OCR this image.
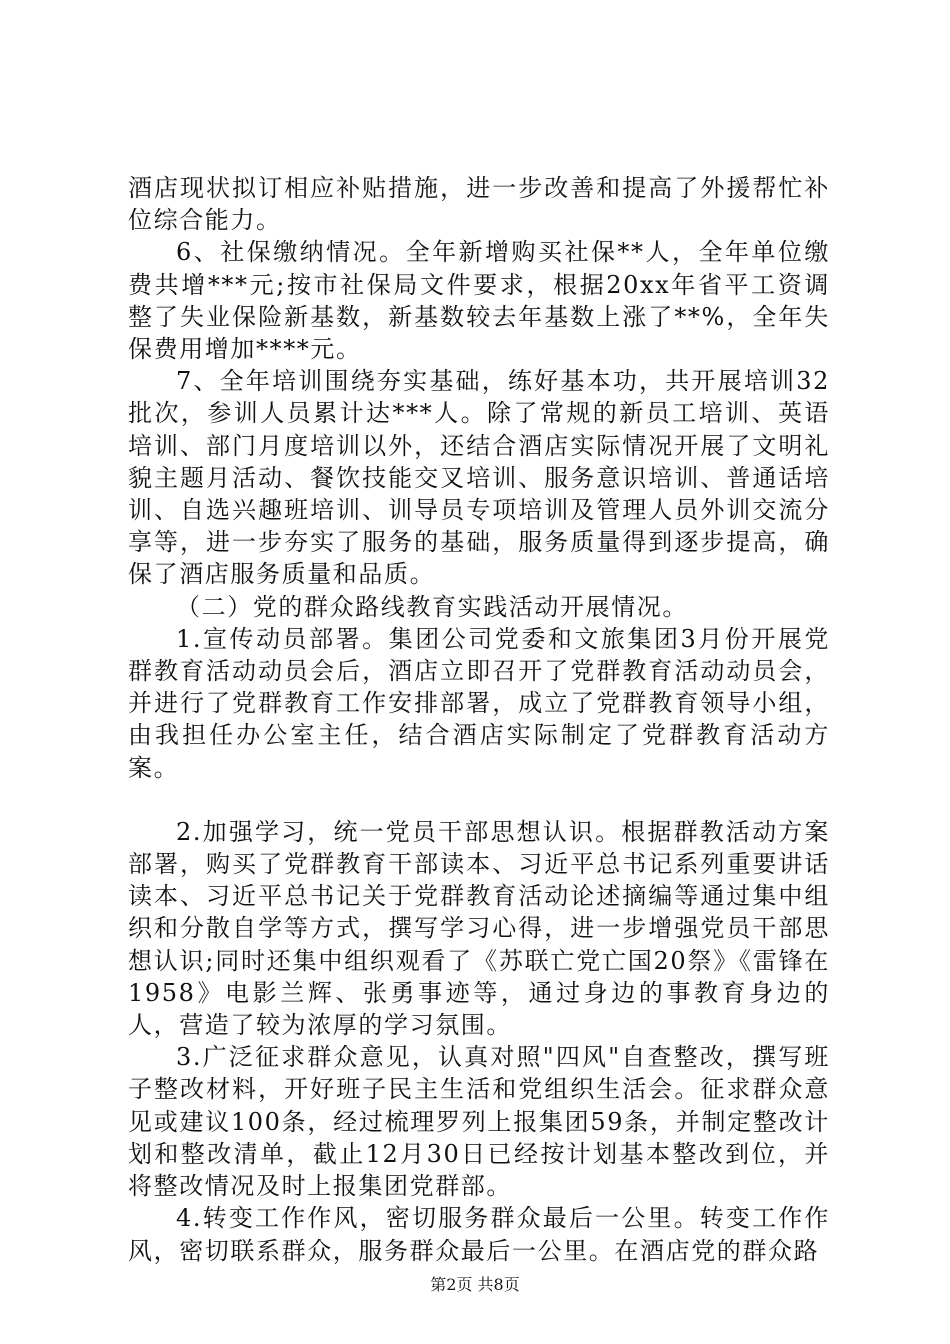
酒店现状拟订相应补贴措施，进一步改善和提高了外援帮忙补位综合能力。

6、社保缴纳情况。全年新增购买社保**人，全年单位缴费共增***元;按市社保局文件要求，根据20xx年省平工资调整了失业保险新基数，新基数较去年基数上涨了**%，全年失保费用增加****元。

7、全年培训围绕夯实基础，练好基本功，共开展培训32批次，参训人员累计达***人。除了常规的新员工培训、英语培训、部门月度培训以外，还结合酒店实际情况开展了文明礼貌主题月活动、餐饮技能交叉培训、服务意识培训、普通话培训、自选兴趣班培训、训导员专项培训及管理人员外训交流分享等，进一步夯实了服务的基础，服务质量得到逐步提高，确保了酒店服务质量和品质。

（二）党的群众路线教育实践活动开展情况。

1.宣传动员部署。集团公司党委和文旅集团3月份开展党群教育活动动员会后，酒店立即召开了党群教育活动动员会，并进行了党群教育工作安排部署，成立了党群教育领导小组，由我担任办公室主任，结合酒店实际制定了党群教育活动方案。

2.加强学习，统一党员干部思想认识。根据群教活动方案部署，购买了党群教育干部读本、习近平总书记系列重要讲话读本、习近平总书记关于党群教育活动论述摘编等通过集中组织和分散自学等方式，撰写学习心得，进一步增强党员干部思想认识;同时还集中组织观看了《苏联亡党亡国20祭》《雷锋在1958》电影兰辉、张勇事迹等，通过身边的事教育身边的人，营造了较为浓厚的学习氛围。

3.广泛征求群众意见，认真对照"四风"自查整改，撰写班子整改材料，开好班子民主生活和党组织生活会。征求群众意见或建议100条，经过梳理罗列上报集团59条，并制定整改计划和整改清单，截止12月30日已经按计划基本整改到位，并将整改情况及时上报集团党群部。

4.转变工作作风，密切服务群众最后一公里。转变工作作风，密切联系群众，服务群众最后一公里。在酒店党的群众路

第2页 共8页
